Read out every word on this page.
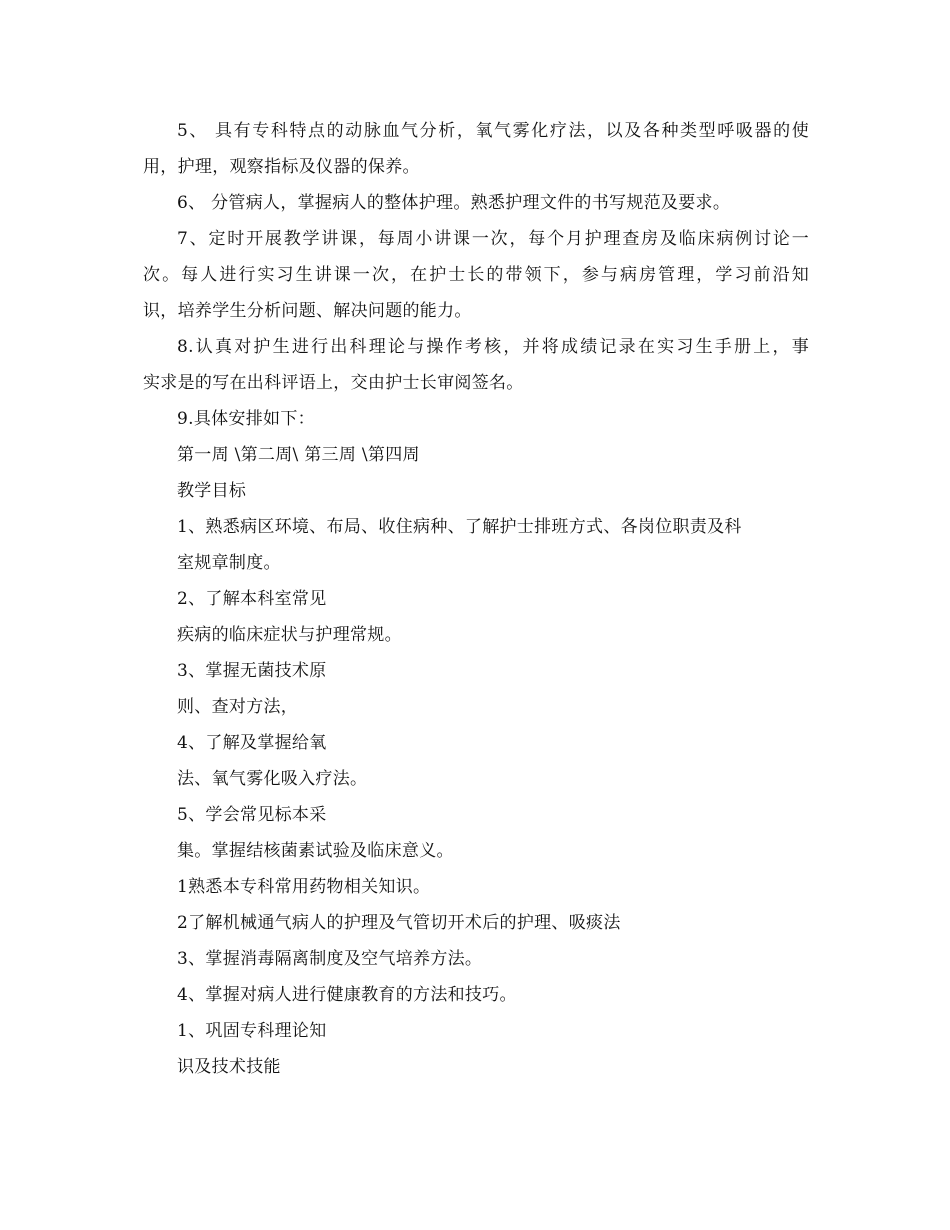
5、 具有专科特点的动脉血气分析，氧气雾化疗法，以及各种类型呼吸器的使
用，护理，观察指标及仪器的保养。
6、 分管病人，掌握病人的整体护理。熟悉护理文件的书写规范及要求。
7、定时开展教学讲课，每周小讲课一次，每个月护理查房及临床病例讨论一
次。每人进行实习生讲课一次，在护士长的带领下，参与病房管理，学习前沿知
识，培养学生分析问题、解决问题的能力。
8.认真对护生进行出科理论与操作考核，并将成绩记录在实习生手册上，事
实求是的写在出科评语上，交由护士长审阅签名。
9.具体安排如下：
第一周 \第二周\ 第三周 \第四周
教学目标
1、熟悉病区环境、布局、收住病种、了解护士排班方式、各岗位职责及科
室规章制度。
2、了解本科室常见
疾病的临床症状与护理常规。
3、掌握无菌技术原
则、查对方法，
4、了解及掌握给氧
法、氧气雾化吸入疗法。
5、学会常见标本采
集。掌握结核菌素试验及临床意义。
1熟悉本专科常用药物相关知识。
2了解机械通气病人的护理及气管切开术后的护理、吸痰法
3、掌握消毒隔离制度及空气培养方法。
4、掌握对病人进行健康教育的方法和技巧。
1、巩固专科理论知
识及技术技能
